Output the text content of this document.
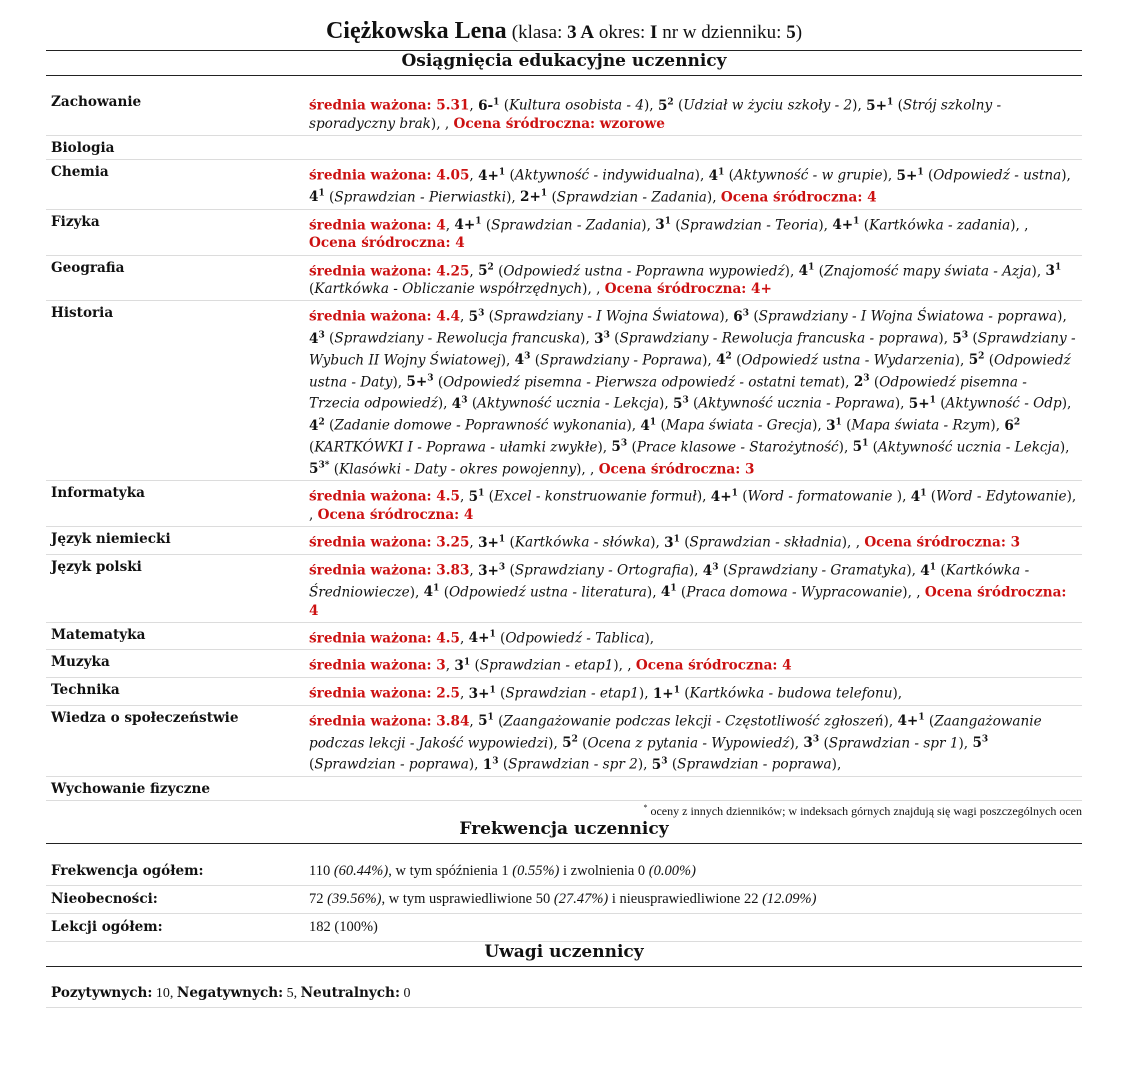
Ciężkowska Lena (klasa: 3 A okres: I nr w dzienniku: 5)
Osiągnięcia edukacyjne uczennicy
Zachowanie	średnia ważona: 5.31, 6-$^1$ (Kultura osobista - 4), $5^2$ (Udział w życiu szkoły - 2), 5+$^1$ (Strój szkolny - sporadyczny brak), , Ocena śródroczna: wzorowe
Biologia	
Chemia	średnia ważona: 4.05, 4+$^1$ (Aktywność - indywidualna), $4^1$ (Aktywność - w grupie), 5+$^1$ (Odpowiedź - ustna), $4^1$ (Sprawdzian - Pierwiastki), 2+$^1$ (Sprawdzian - Zadania), Ocena śródroczna: 4
Fizyka	średnia ważona: 4, 4+$^1$ (Sprawdzian - Zadania), $3^1$ (Sprawdzian - Teoria), 4+$^1$ (Kartkówka - zadania), , Ocena śródroczna: 4
Geografia	średnia ważona: 4.25, $5^2$ (Odpowiedź ustna - Poprawna wypowiedź), $4^1$ (Znajomość mapy świata - Azja), $3^1$ (Kartkówka - Obliczanie współrzędnych), , Ocena śródroczna: 4+
Historia	średnia ważona: 4.4, $5^3$ (Sprawdziany - I Wojna Światowa), $6^3$ (Sprawdziany - I Wojna Światowa - poprawa), $4^3$ (Sprawdziany - Rewolucja francuska), $3^3$ (Sprawdziany - Rewolucja francuska - poprawa), $5^3$ (Sprawdziany - Wybuch II Wojny Światowej), $4^3$ (Sprawdziany - Poprawa), $4^2$ (Odpowiedź ustna - Wydarzenia), $5^2$ (Odpowiedź ustna - Daty), 5+$^3$ (Odpowiedź pisemna - Pierwsza odpowiedź - ostatni temat), $2^3$ (Odpowiedź pisemna - Trzecia odpowiedź), $4^3$ (Aktywność ucznia - Lekcja), $5^3$ (Aktywność ucznia - Poprawa), 5+$^1$ (Aktywność - Odp), $4^2$ (Zadanie domowe - Poprawność wykonania), $4^1$ (Mapa świata - Grecja), $3^1$ (Mapa świata - Rzym), $6^2$ (KARTKÓWKI I - Poprawa - ułamki zwykłe), $5^3$ (Prace klasowe - Starożytność), $5^1$ (Aktywność ucznia - Lekcja), $5^{3*}$ (Klasówki - Daty - okres powojenny), , Ocena śródroczna: 3
Informatyka	średnia ważona: 4.5, $5^1$ (Excel - konstruowanie formuł), 4+$^1$ (Word - formatowanie ), $4^1$ (Word - Edytowanie), , Ocena śródroczna: 4
Język niemiecki	średnia ważona: 3.25, 3+$^1$ (Kartkówka - słówka), $3^1$ (Sprawdzian - składnia), , Ocena śródroczna: 3
Język polski	średnia ważona: 3.83, 3+$^3$ (Sprawdziany - Ortografia), $4^3$ (Sprawdziany - Gramatyka), $4^1$ (Kartkówka - Średniowiecze), $4^1$ (Odpowiedź ustna - literatura), $4^1$ (Praca domowa - Wypracowanie), , Ocena śródroczna: 4
Matematyka	średnia ważona: 4.5, 4+$^1$ (Odpowiedź - Tablica),
Muzyka	średnia ważona: 3, $3^1$ (Sprawdzian - etap1), , Ocena śródroczna: 4
Technika	średnia ważona: 2.5, 3+$^1$ (Sprawdzian - etap1), 1+$^1$ (Kartkówka - budowa telefonu),
Wiedza o społeczeństwie	średnia ważona: 3.84, $5^1$ (Zaangażowanie podczas lekcji - Częstotliwość zgłoszeń), 4+$^1$ (Zaangażowanie podczas lekcji - Jakość wypowiedzi), $5^2$ (Ocena z pytania - Wypowiedź), $3^3$ (Sprawdzian - spr 1), $5^3$ (Sprawdzian - poprawa), $1^3$ (Sprawdzian - spr 2), $5^3$ (Sprawdzian - poprawa),
Wychowanie fizyczne	
* oceny z innych dzienników; w indeksach górnych znajdują się wagi poszczególnych ocen
Frekwencja uczennicy
Frekwencja ogółem:	110 (60.44%), w tym spóźnienia 1 (0.55%) i zwolnienia 0 (0.00%)
Nieobecności:	72 (39.56%), w tym usprawiedliwione 50 (27.47%) i nieusprawiedliwione 22 (12.09%)
Lekcji ogółem:	182 (100%)
Uwagi uczennicy
Pozytywnych: 10, Negatywnych: 5, Neutralnych: 0
